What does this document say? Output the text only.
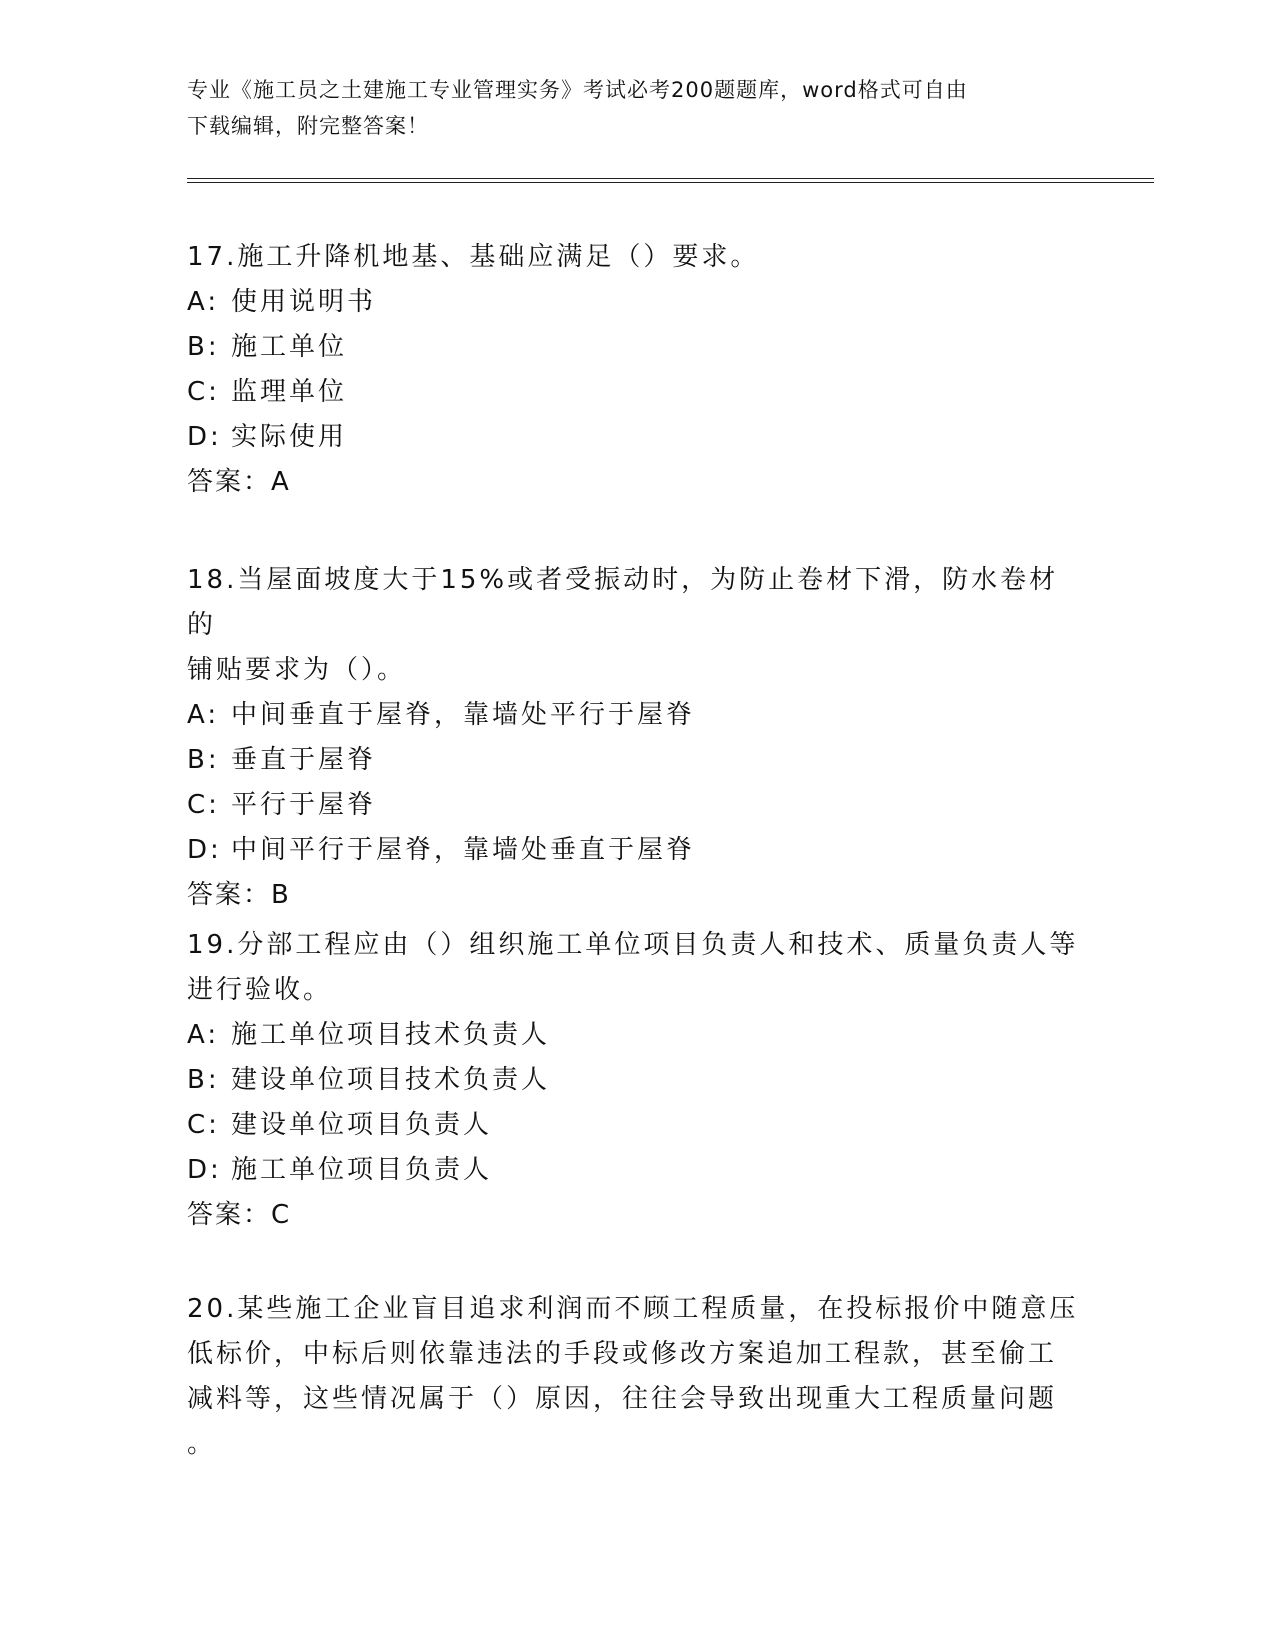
专业《施工员之土建施工专业管理实务》考试必考200题题库，word格式可自由
下载编辑，附完整答案！

17.施工升降机地基、基础应满足（）要求。

A: 使用说明书

B: 施工单位

C: 监理单位

D: 实际使用

答案：A

18.当屋面坡度大于15%或者受振动时，为防止卷材下滑，防水卷材的

铺贴要求为（）。

A: 中间垂直于屋脊，靠墙处平行于屋脊

B: 垂直于屋脊

C: 平行于屋脊

D: 中间平行于屋脊，靠墙处垂直于屋脊

答案：B

19.分部工程应由（）组织施工单位项目负责人和技术、质量负责人等

进行验收。

A: 施工单位项目技术负责人

B: 建设单位项目技术负责人

C: 建设单位项目负责人

D: 施工单位项目负责人

答案：C

20.某些施工企业盲目追求利润而不顾工程质量，在投标报价中随意压

低标价，中标后则依靠违法的手段或修改方案追加工程款，甚至偷工

减料等，这些情况属于（）原因，往往会导致出现重大工程质量问题

。
